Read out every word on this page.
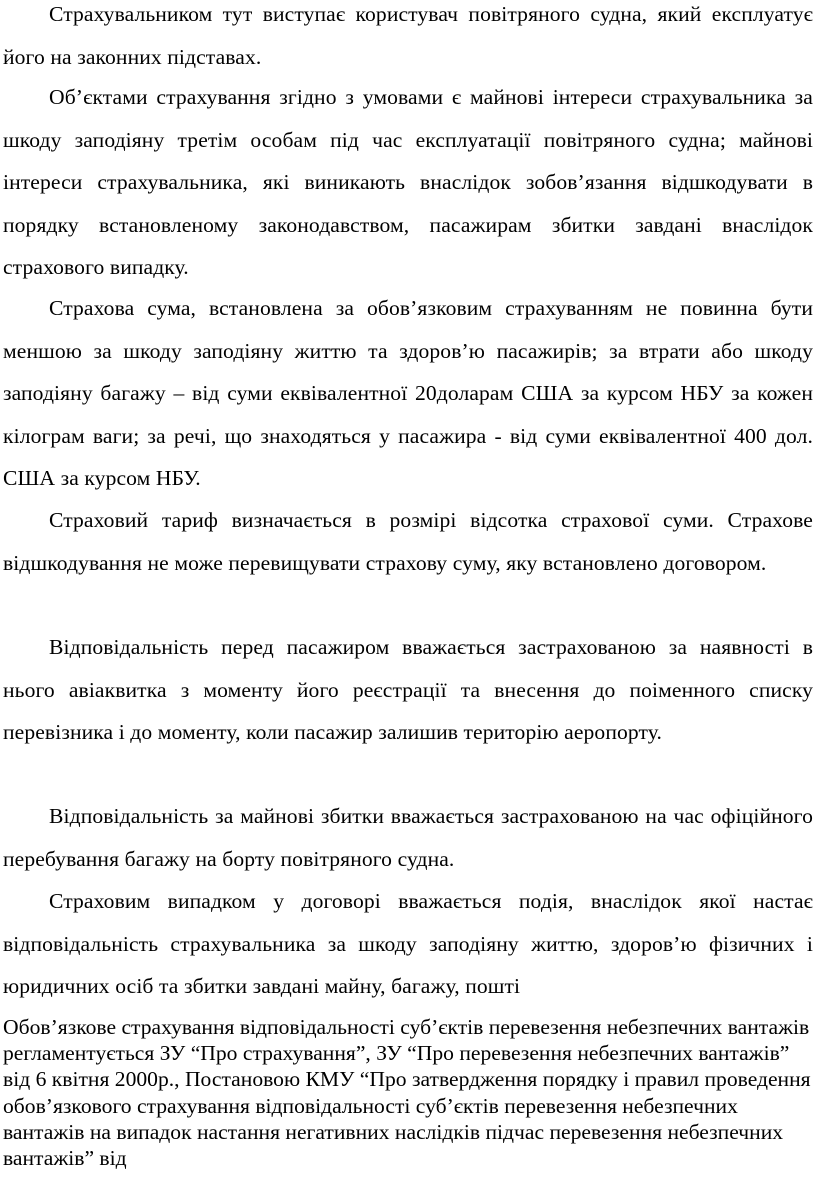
Страхувальником тут виступає користувач повітряного судна, який експлуатує його на законних підставах.

Об’єктами страхування згідно з умовами є майнові інтереси страхувальника за шкоду заподіяну третім особам під час експлуатації повітряного судна; майнові інтереси страхувальника, які виникають внаслідок зобов’язання відшкодувати в порядку встановленому законодавством, пасажирам збитки завдані внаслідок страхового випадку.

Страхова сума, встановлена за обов’язковим страхуванням не повинна бути меншою за шкоду заподіяну життю та здоров’ю пасажирів; за втрати або шкоду заподіяну багажу – від суми еквівалентної 20доларам США за курсом НБУ за кожен кілограм ваги; за речі, що знаходяться у пасажира - від суми еквівалентної 400 дол. США за курсом НБУ.

Страховий тариф визначається в розмірі відсотка страхової суми. Страхове відшкодування не може перевищувати страхову суму, яку встановлено договором.

Відповідальність перед пасажиром вважається застрахованою за наявності в нього авіаквитка з моменту його реєстрації та внесення до поіменного списку перевізника і до моменту, коли пасажир залишив територію аеропорту.

Відповідальність за майнові збитки вважається застрахованою на час офіційного перебування багажу на борту повітряного судна.

Страховим випадком у договорі вважається подія, внаслідок якої настає відповідальність страхувальника за шкоду заподіяну життю, здоров’ю фізичних і юридичних осіб та збитки завдані майну, багажу, пошті

Обов’язкове страхування відповідальності суб’єктів перевезення небезпечних вантажів регламентується ЗУ “Про страхування”, ЗУ “Про перевезення небезпечних вантажів” від 6 квітня 2000р., Постановою КМУ “Про затвердження порядку і правил проведення обов’язкового страхування відповідальності суб’єктів перевезення небезпечних вантажів на випадок настання негативних наслідків підчас перевезення небезпечних вантажів” від
